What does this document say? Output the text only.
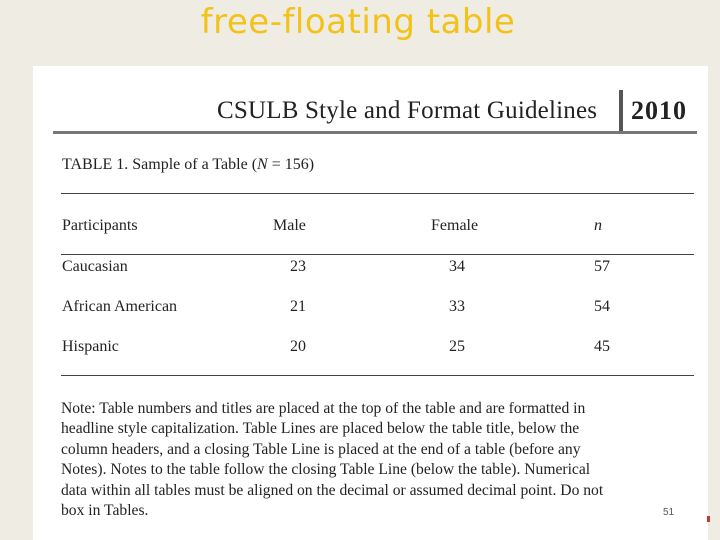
free-floating table
CSULB Style and Format Guidelines 2010
TABLE 1. Sample of a Table (N = 156)
Participants	Male	Female	n
Caucasian	23	34	57
African American	21	33	54
Hispanic	20	25	45
Note: Table numbers and titles are placed at the top of the table and are formatted in
headline style capitalization. Table Lines are placed below the table title, below the
column headers, and a closing Table Line is placed at the end of a table (before any
Notes). Notes to the table follow the closing Table Line (below the table). Numerical
data within all tables must be aligned on the decimal or assumed decimal point. Do not
box in Tables.	51
